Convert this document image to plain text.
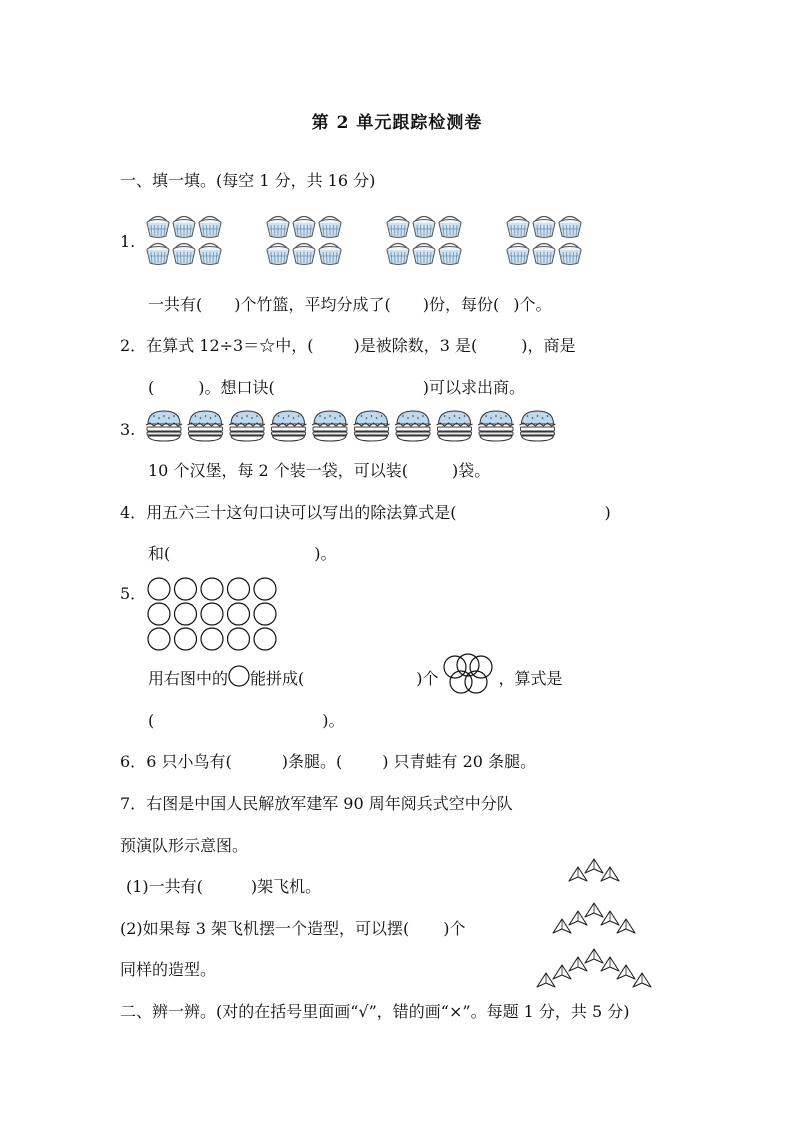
第 2 单元跟踪检测卷
一、填一填。(每空 1 分，共 16 分)
1.
一共有( )个竹篮，平均分成了( )份，每份( )个。
2．在算式 12÷3＝☆中，(	)是被除数，3 是(	)，商是
(	)。想口诀(	)可以求出商。
3.
10 个汉堡，每 2 个装一袋，可以装(	)袋。
4．用五六三十这句口诀可以写出的除法算式是(	)
和(	)。
5．
用右图中的 能拼成(	)个	，算式是
(	)。
6．6 只小鸟有(	)条腿。(	) 只青蛙有 20 条腿。
7．右图是中国人民解放军建军 90 周年阅兵式空中分队
预演队形示意图。
(1)一共有(	)架飞机。
(2)如果每 3 架飞机摆一个造型，可以摆( )个
同样的造型。
二、辨一辨。(对的在括号里面画“√”，错的画“×”。每题 1 分，共 5 分)
